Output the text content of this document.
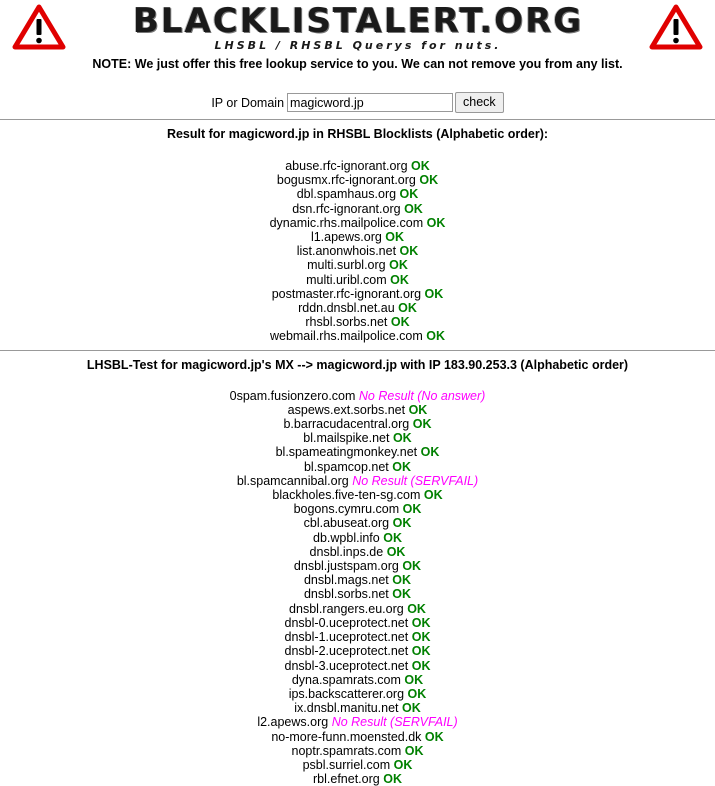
BLACKLISTALERT.ORG
LHSBL / RHSBL Querys for nuts.
NOTE: We just offer this free lookup service to you. We can not remove you from any list.
IP or Domainmagicword.jp	check
Result for magicword.jp in RHSBL Blocklists (Alphabetic order):
abuse.rfc-ignorant.org OK
bogusmx.rfc-ignorant.org OK
dbl.spamhaus.org OK
dsn.rfc-ignorant.org OK
dynamic.rhs.mailpolice.com OK
l1.apews.org OK
list.anonwhois.net OK
multi.surbl.org OK
multi.uribl.com OK
postmaster.rfc-ignorant.org OK
rddn.dnsbl.net.au OK
rhsbl.sorbs.net OK
webmail.rhs.mailpolice.com OK
LHSBL-Test for magicword.jp's MX --> magicword.jp with IP 183.90.253.3 (Alphabetic order)
0spam.fusionzero.com No Result (No answer)
aspews.ext.sorbs.net OK
b.barracudacentral.org OK
bl.mailspike.net OK
bl.spameatingmonkey.net OK
bl.spamcop.net OK
bl.spamcannibal.org No Result (SERVFAIL)
blackholes.five-ten-sg.com OK
bogons.cymru.com OK
cbl.abuseat.org OK
db.wpbl.info OK
dnsbl.inps.de OK
dnsbl.justspam.org OK
dnsbl.mags.net OK
dnsbl.sorbs.net OK
dnsbl.rangers.eu.org OK
dnsbl-0.uceprotect.net OK
dnsbl-1.uceprotect.net OK
dnsbl-2.uceprotect.net OK
dnsbl-3.uceprotect.net OK
dyna.spamrats.com OK
ips.backscatterer.org OK
ix.dnsbl.manitu.net OK
l2.apews.org No Result (SERVFAIL)
no-more-funn.moensted.dk OK
noptr.spamrats.com OK
psbl.surriel.com OK
rbl.efnet.org OK
